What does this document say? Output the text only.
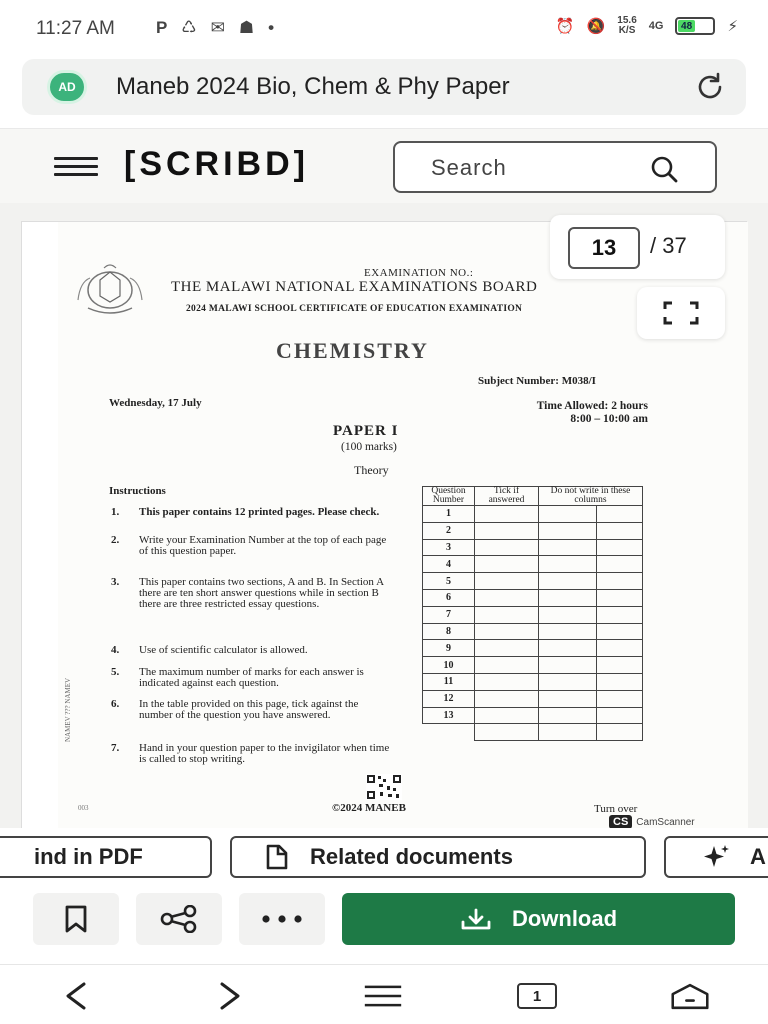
11:27 AM P ♺ ✉ ☗ •	⏰ 🔕 15.6
K/S 4G 48 ⚡
AD	Maneb 2024 Bio, Chem & Phy Paper
[SCRIBD]	Search
EXAMINATION NO.:
THE MALAWI NATIONAL EXAMINATIONS BOARD
2024 MALAWI SCHOOL CERTIFICATE OF EDUCATION EXAMINATION
CHEMISTRY
Subject Number: M038/I
Wednesday, 17 July	Time Allowed: 2 hours
8:00 – 10:00 am
PAPER I
(100 marks)
Theory
Instructions
1. This paper contains 12 printed pages. Please check.
2. Write your Examination Number at the top of each page of this question paper.
3. This paper contains two sections, A and B. In Section A there are ten short answer questions while in section B there are three restricted essay questions.
4. Use of scientific calculator is allowed.
5. The maximum number of marks for each answer is indicated against each question.
6. In the table provided on this page, tick against the number of the question you have answered.
7. Hand in your question paper to the invigilator when time is called to stop writing.
Question Number	Tick if answered	Do not write in these columns	
1			
2			
3			
4			
5			
6			
7			
8			
9			
10			
11			
12			
13			

©2024 MANEB	Turn over
003
NAMEV ??? NAMEV
CS CamScanner
13	/ 37
ind in PDF	Related documents	A
Download
1
